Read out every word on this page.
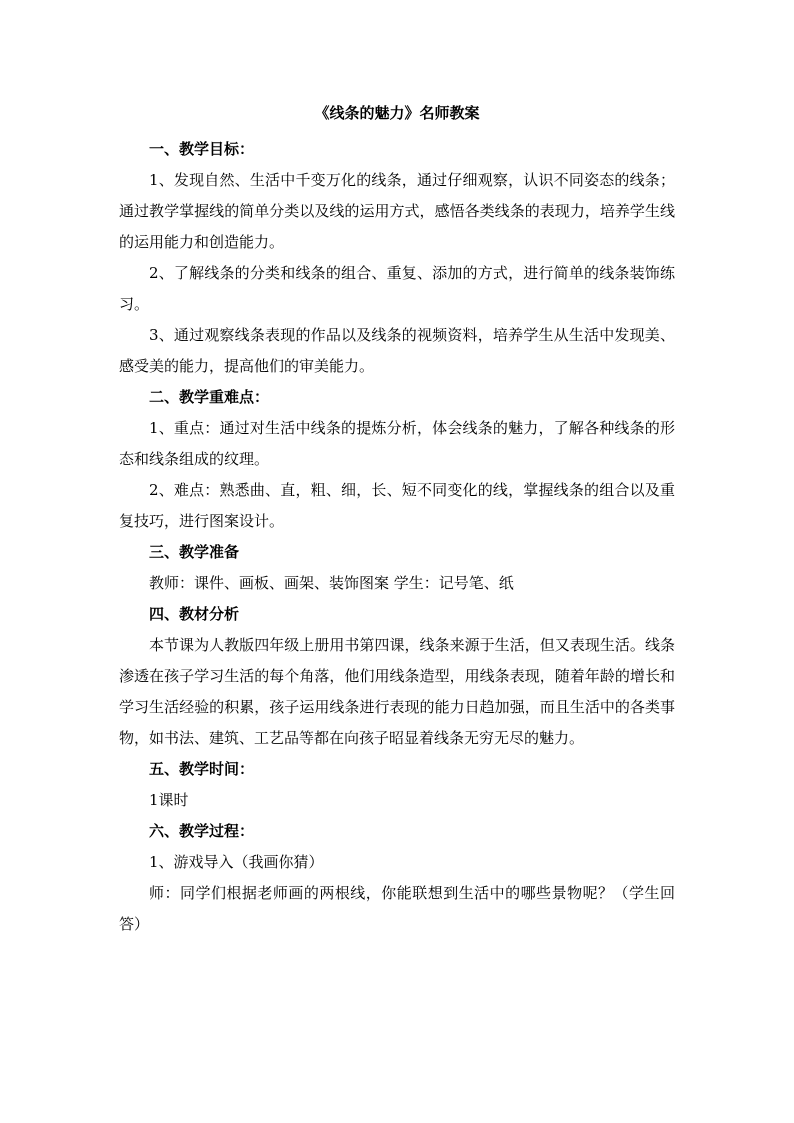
《线条的魅力》名师教案

一、教学目标：

1、发现自然、生活中千变万化的线条，通过仔细观察，认识不同姿态的线条；通过教学掌握线的简单分类以及线的运用方式，感悟各类线条的表现力，培养学生线的运用能力和创造能力。

2、了解线条的分类和线条的组合、重复、添加的方式，进行简单的线条装饰练习。

3、通过观察线条表现的作品以及线条的视频资料，培养学生从生活中发现美、感受美的能力，提高他们的审美能力。

二、教学重难点：

1、重点：通过对生活中线条的提炼分析，体会线条的魅力，了解各种线条的形态和线条组成的纹理。

2、难点：熟悉曲、直，粗、细，长、短不同变化的线，掌握线条的组合以及重复技巧，进行图案设计。

三、教学准备

教师：课件、画板、画架、装饰图案 学生：记号笔、纸

四、教材分析

本节课为人教版四年级上册用书第四课，线条来源于生活，但又表现生活。线条渗透在孩子学习生活的每个角落，他们用线条造型，用线条表现，随着年龄的增长和学习生活经验的积累，孩子运用线条进行表现的能力日趋加强，而且生活中的各类事物，如书法、建筑、工艺品等都在向孩子昭显着线条无穷无尽的魅力。

五、教学时间：

1课时

六、教学过程：

1、游戏导入（我画你猜）

师：同学们根据老师画的两根线，你能联想到生活中的哪些景物呢？（学生回答）
